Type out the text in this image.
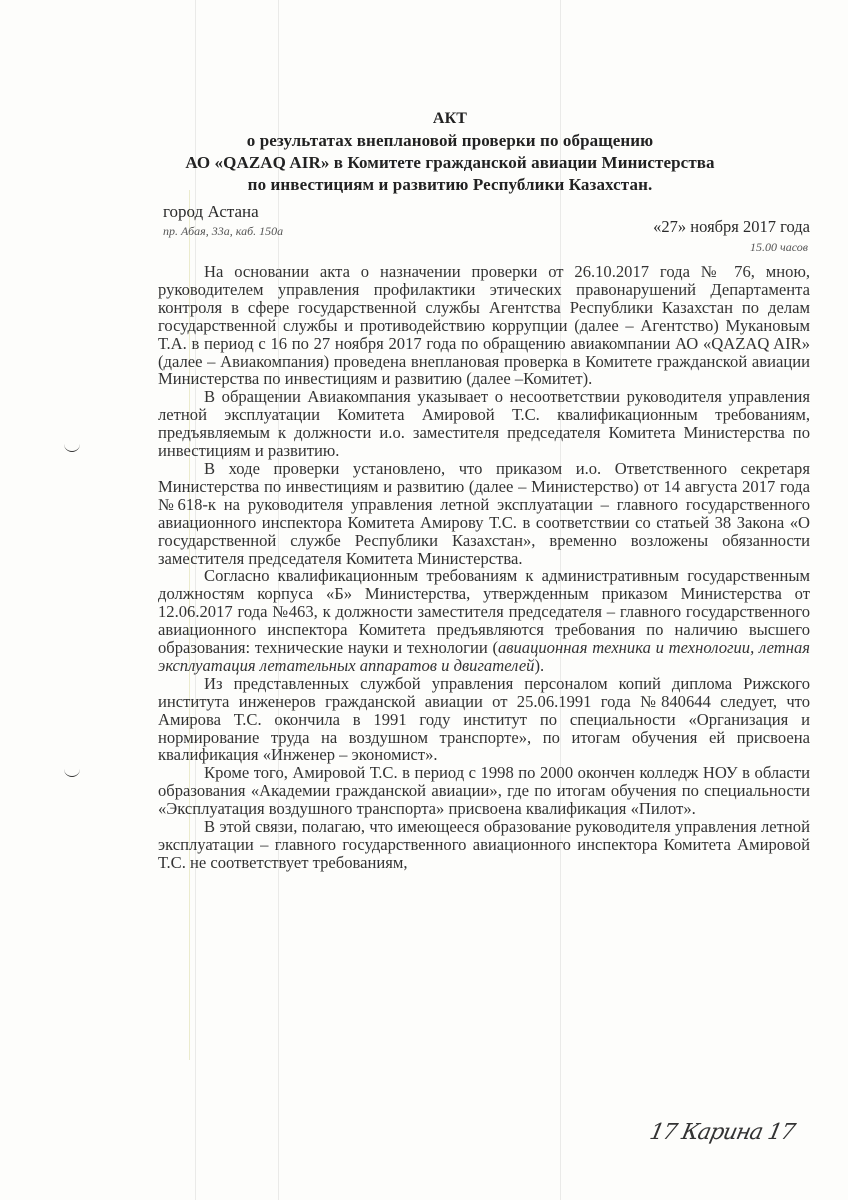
АКТ
о результатах внеплановой проверки по обращению
АО «QAZAQ AIR» в Комитете гражданской авиации Министерства
по инвестициям и развитию Республики Казахстан.
город Астана
пр. Абая, 33а, каб. 150а	«27» ноября 2017 года
15.00 часов

На основании акта о назначении проверки от 26.10.2017 года № 76, мною, руководителем управления профилактики этических правонарушений Департамента контроля в сфере государственной службы Агентства Республики Казахстан по делам государственной службы и противодействию коррупции (далее – Агентство) Мукановым Т.А. в период с 16 по 27 ноября 2017 года по обращению авиакомпании АО «QAZAQ AIR» (далее – Авиакомпания) проведена внеплановая проверка в Комитете гражданской авиации Министерства по инвестициям и развитию (далее –Комитет).

В обращении Авиакомпания указывает о несоответствии руководителя управления летной эксплуатации Комитета Амировой Т.С. квалификационным требованиям, предъявляемым к должности и.о. заместителя председателя Комитета Министерства по инвестициям и развитию.

В ходе проверки установлено, что приказом и.о. Ответственного секретаря Министерства по инвестициям и развитию (далее – Министерство) от 14 августа 2017 года №618-к на руководителя управления летной эксплуатации – главного государственного авиационного инспектора Комитета Амирову Т.С. в соответствии со статьей 38 Закона «О государственной службе Республики Казахстан», временно возложены обязанности заместителя председателя Комитета Министерства.

Согласно квалификационным требованиям к административным государственным должностям корпуса «Б» Министерства, утвержденным приказом Министерства от 12.06.2017 года №463, к должности заместителя председателя – главного государственного авиационного инспектора Комитета предъявляются требования по наличию высшего образования: технические науки и технологии (авиационная техника и технологии, летная эксплуатация летательных аппаратов и двигателей).

Из представленных службой управления персоналом копий диплома Рижского института инженеров гражданской авиации от 25.06.1991 года №840644 следует, что Амирова Т.С. окончила в 1991 году институт по специальности «Организация и нормирование труда на воздушном транспорте», по итогам обучения ей присвоена квалификация «Инженер – экономист».

Кроме того, Амировой Т.С. в период с 1998 по 2000 окончен колледж НОУ в области образования «Академии гражданской авиации», где по итогам обучения по специальности «Эксплуатация воздушного транспорта» присвоена квалификация «Пилот».

В этой связи, полагаю, что имеющееся образование руководителя управления летной эксплуатации – главного государственного авиационного инспектора Комитета Амировой Т.С. не соответствует требованиям,

17 Карина 17
